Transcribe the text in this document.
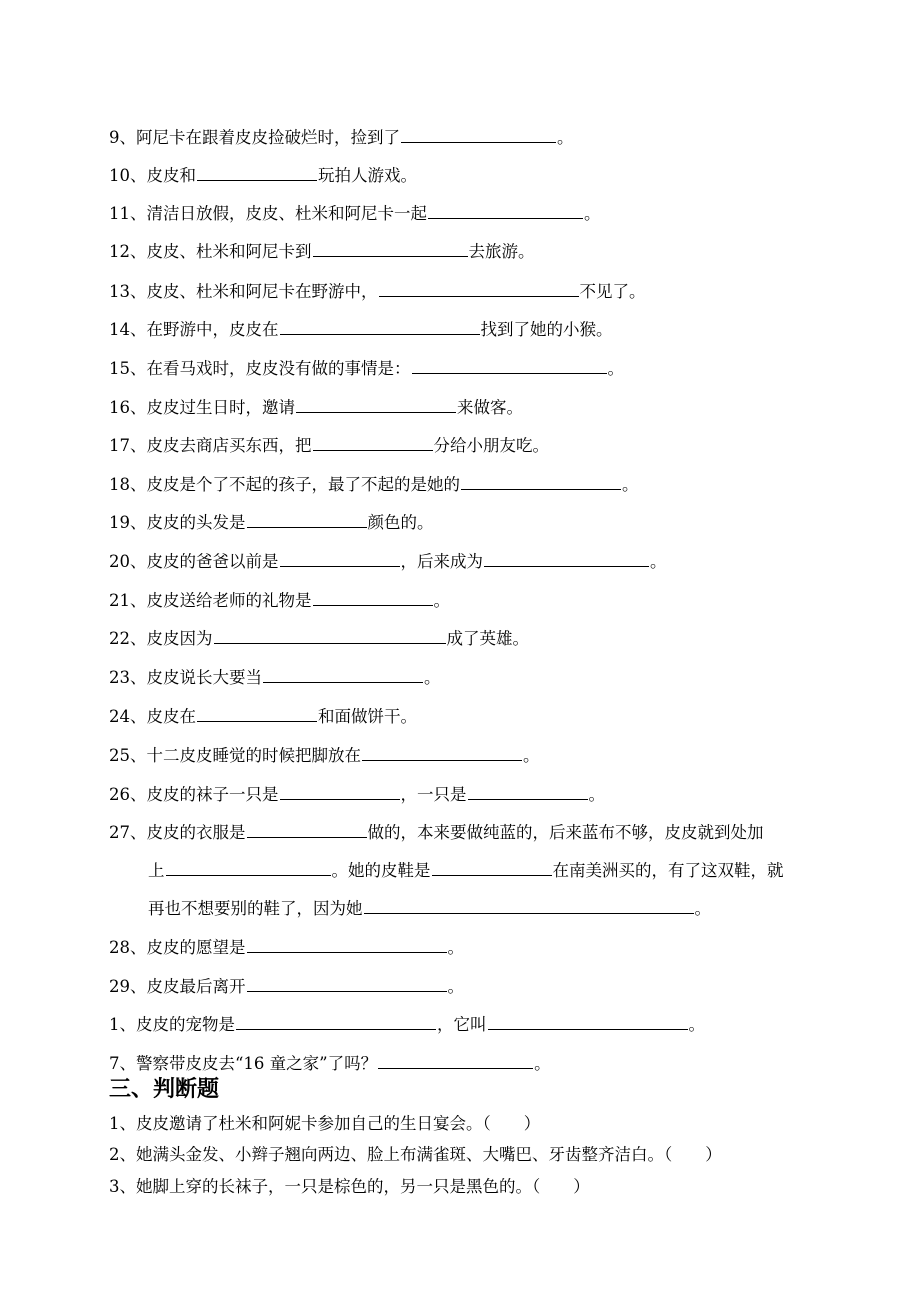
9、阿尼卡在跟着皮皮捡破烂时，捡到了	。
10、皮皮和	玩拍人游戏。
11、清洁日放假，皮皮、杜米和阿尼卡一起	。
12、皮皮、杜米和阿尼卡到	去旅游。
13、皮皮、杜米和阿尼卡在野游中，	不见了。
14、在野游中，皮皮在	找到了她的小猴。
15、在看马戏时，皮皮没有做的事情是：	。
16、皮皮过生日时，邀请	来做客。
17、皮皮去商店买东西，把	分给小朋友吃。
18、皮皮是个了不起的孩子，最了不起的是她的	。
19、皮皮的头发是	颜色的。
20、皮皮的爸爸以前是	，后来成为	。
21、皮皮送给老师的礼物是	。
22、皮皮因为	成了英雄。
23、皮皮说长大要当	。
24、皮皮在	和面做饼干。
25、十二皮皮睡觉的时候把脚放在	。
26、皮皮的袜子一只是	，一只是	。
27、皮皮的衣服是	做的，本来要做纯蓝的，后来蓝布不够，皮皮就到处加
上	。她的皮鞋是	在南美洲买的，有了这双鞋，就
再也不想要别的鞋了，因为她	。
28、皮皮的愿望是	。
29、皮皮最后离开	。
1、皮皮的宠物是	，它叫	。
7、警察带皮皮去“16 童之家”了吗？	。
三、判断题
1、皮皮邀请了杜米和阿妮卡参加自己的生日宴会。（　　）
2、她满头金发、小辫子翘向两边、脸上布满雀斑、大嘴巴、牙齿整齐洁白。（　　）
3、她脚上穿的长袜子，一只是棕色的，另一只是黑色的。（　　）
